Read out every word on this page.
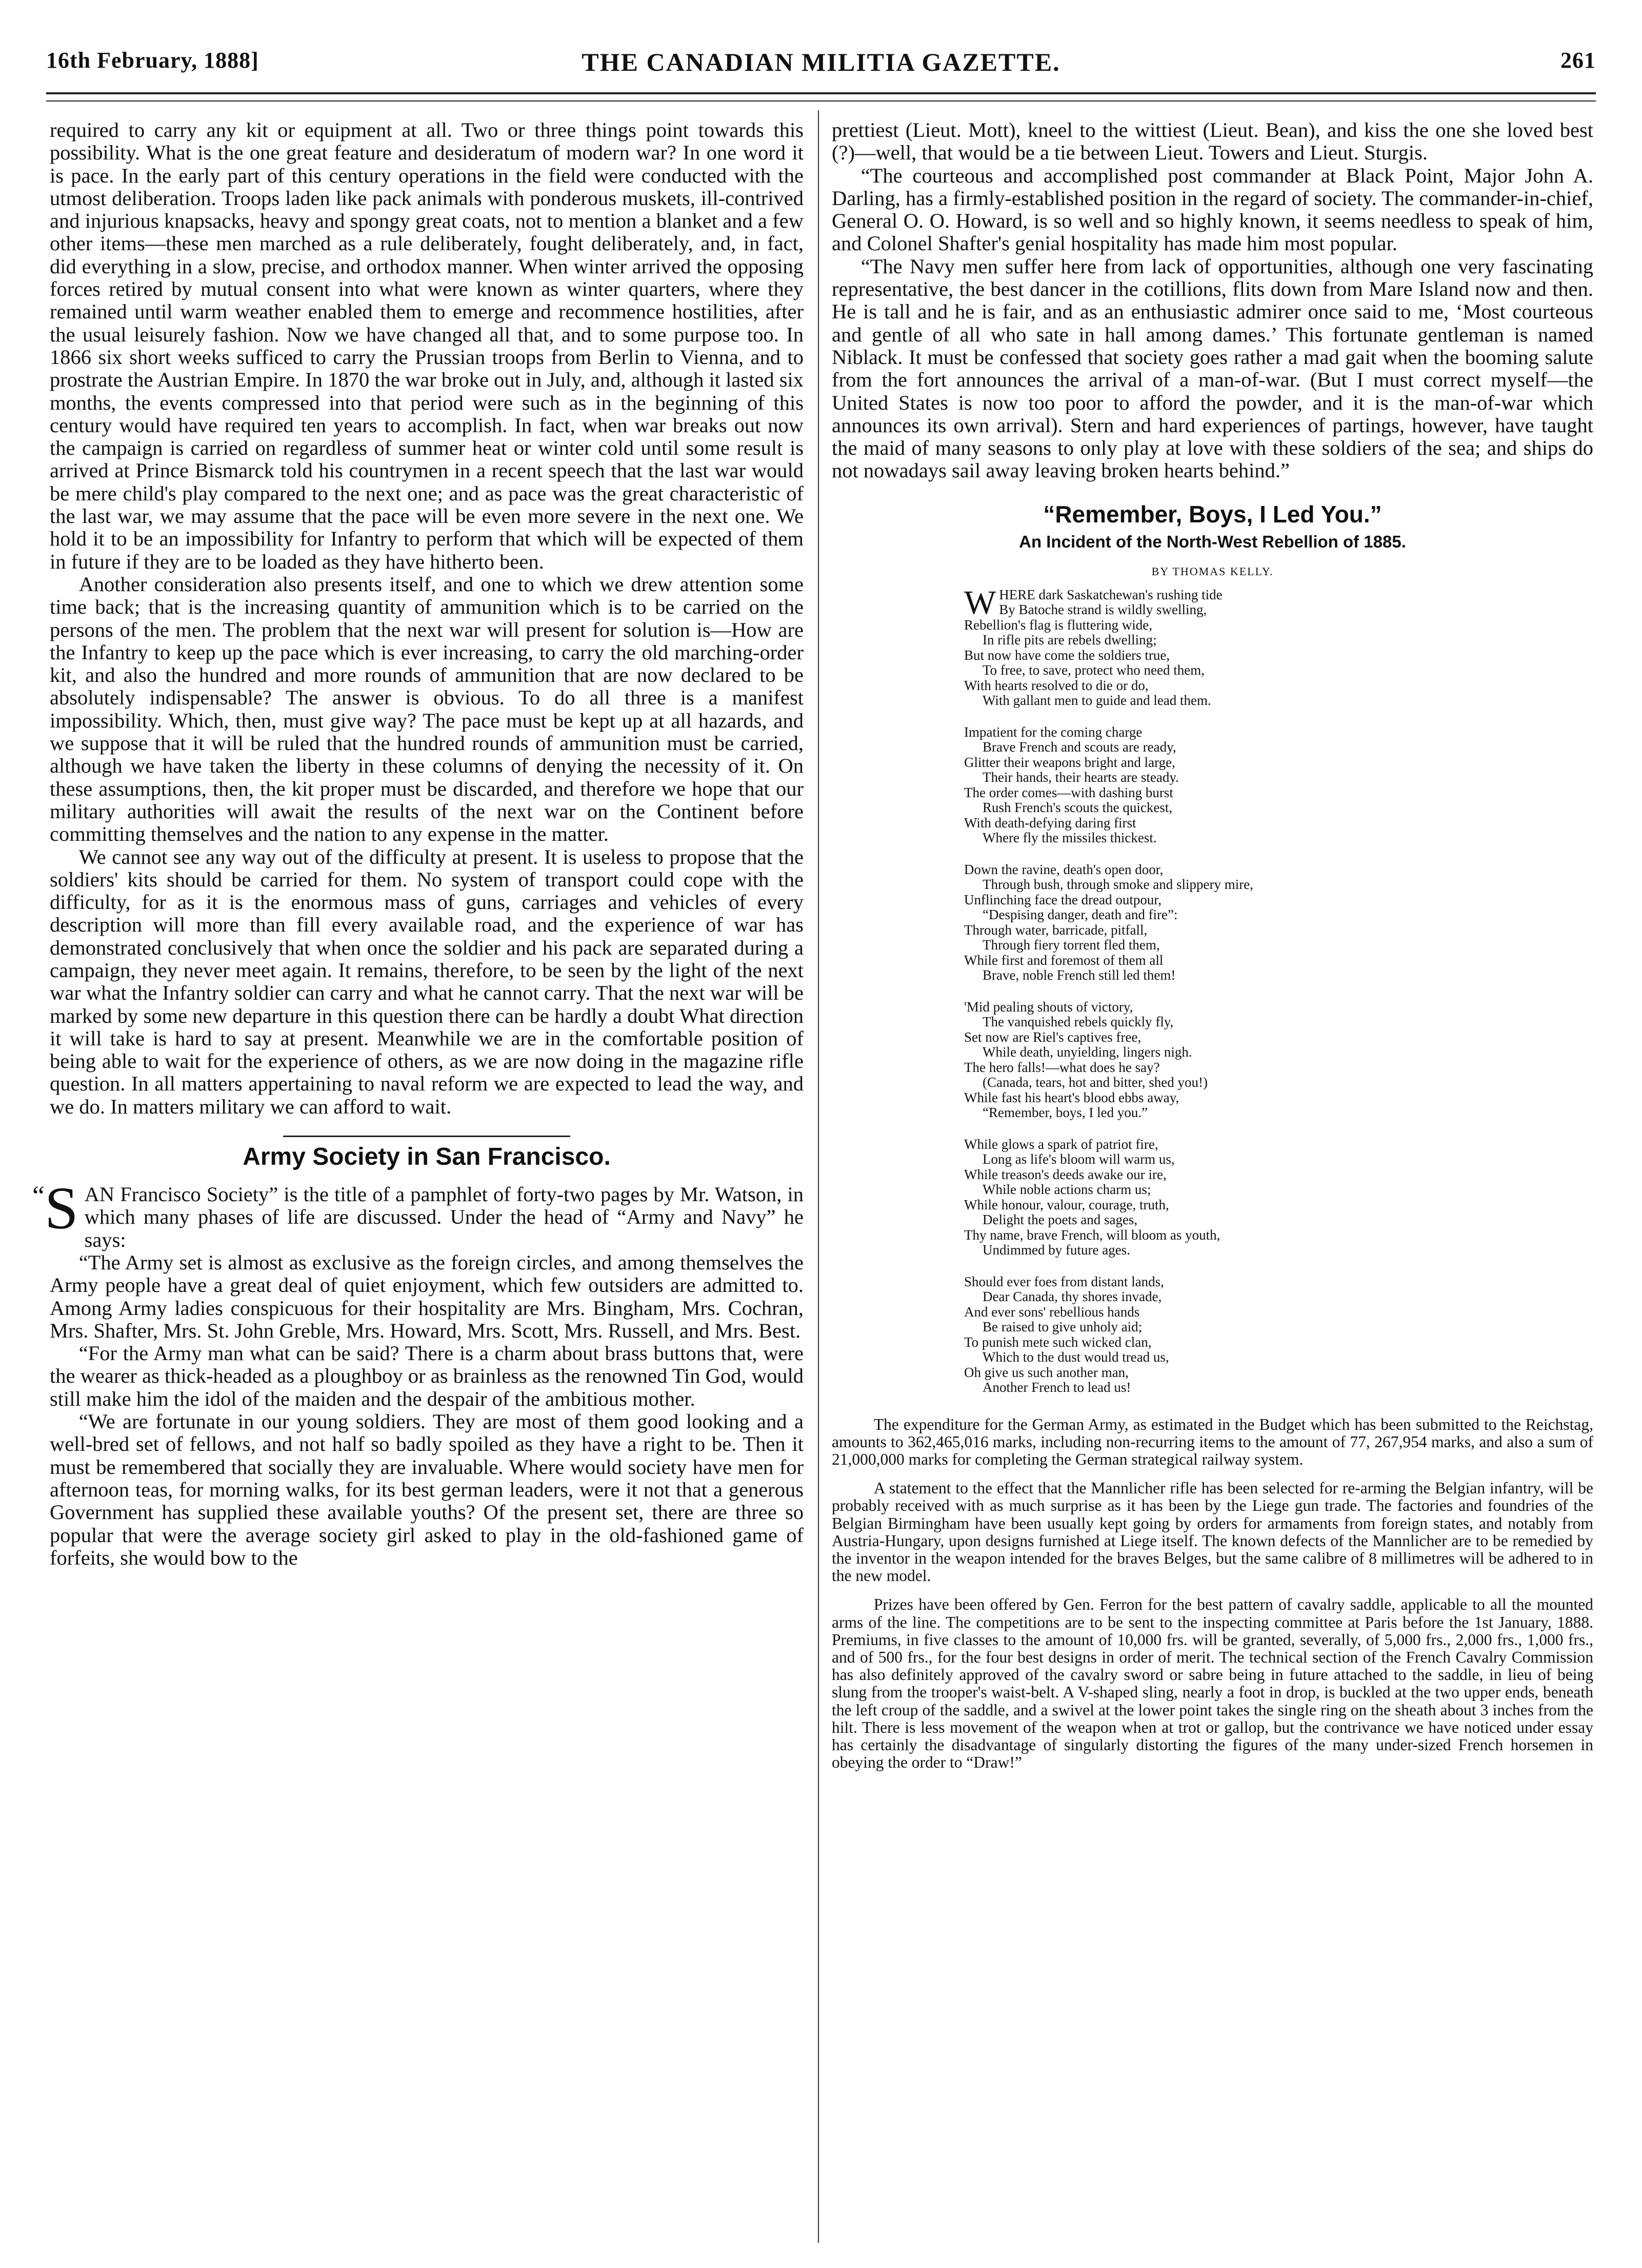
16th February, 1888]	THE CANADIAN MILITIA GAZETTE.	261

required to carry any kit or equipment at all. Two or three things point towards this possibility. What is the one great feature and desideratum of modern war? In one word it is pace. In the early part of this century operations in the field were conducted with the utmost deliberation. Troops laden like pack animals with ponderous muskets, ill-contrived and injurious knapsacks, heavy and spongy great coats, not to mention a blanket and a few other items—these men marched as a rule deliberately, fought deliberately, and, in fact, did everything in a slow, precise, and orthodox manner. When winter arrived the opposing forces retired by mutual consent into what were known as winter quarters, where they remained until warm weather enabled them to emerge and recommence hostilities, after the usual leisurely fashion. Now we have changed all that, and to some purpose too. In 1866 six short weeks sufficed to carry the Prussian troops from Berlin to Vienna, and to prostrate the Austrian Empire. In 1870 the war broke out in July, and, although it lasted six months, the events compressed into that period were such as in the beginning of this century would have required ten years to accomplish. In fact, when war breaks out now the campaign is carried on regardless of summer heat or winter cold until some result is arrived at Prince Bismarck told his countrymen in a recent speech that the last war would be mere child's play compared to the next one; and as pace was the great characteristic of the last war, we may assume that the pace will be even more severe in the next one. We hold it to be an impossibility for Infantry to perform that which will be expected of them in future if they are to be loaded as they have hitherto been.

Another consideration also presents itself, and one to which we drew attention some time back; that is the increasing quantity of ammunition which is to be carried on the persons of the men. The problem that the next war will present for solution is—How are the Infantry to keep up the pace which is ever increasing, to carry the old marching-order kit, and also the hundred and more rounds of ammunition that are now declared to be absolutely indispensable? The answer is obvious. To do all three is a manifest impossibility. Which, then, must give way? The pace must be kept up at all hazards, and we suppose that it will be ruled that the hundred rounds of ammunition must be carried, although we have taken the liberty in these columns of denying the necessity of it. On these assumptions, then, the kit proper must be discarded, and therefore we hope that our military authorities will await the results of the next war on the Continent before committing themselves and the nation to any expense in the matter.

We cannot see any way out of the difficulty at present. It is useless to propose that the soldiers' kits should be carried for them. No system of transport could cope with the difficulty, for as it is the enormous mass of guns, carriages and vehicles of every description will more than fill every available road, and the experience of war has demonstrated conclusively that when once the soldier and his pack are separated during a campaign, they never meet again. It remains, therefore, to be seen by the light of the next war what the Infantry soldier can carry and what he cannot carry. That the next war will be marked by some new departure in this question there can be hardly a doubt What direction it will take is hard to say at present. Meanwhile we are in the comfortable position of being able to wait for the experience of others, as we are now doing in the magazine rifle question. In all matters appertaining to naval reform we are expected to lead the way, and we do. In matters military we can afford to wait.

Army Society in San Francisco.

“S AN Francisco Society” is the title of a pamphlet of forty-two pages by Mr. Watson, in which many phases of life are discussed. Under the head of “Army and Navy” he says:

“The Army set is almost as exclusive as the foreign circles, and among themselves the Army people have a great deal of quiet enjoyment, which few outsiders are admitted to. Among Army ladies conspicuous for their hospitality are Mrs. Bingham, Mrs. Cochran, Mrs. Shafter, Mrs. St. John Greble, Mrs. Howard, Mrs. Scott, Mrs. Russell, and Mrs. Best.

“For the Army man what can be said? There is a charm about brass buttons that, were the wearer as thick-headed as a ploughboy or as brainless as the renowned Tin God, would still make him the idol of the maiden and the despair of the ambitious mother.

“We are fortunate in our young soldiers. They are most of them good looking and a well-bred set of fellows, and not half so badly spoiled as they have a right to be. Then it must be remembered that socially they are invaluable. Where would society have men for afternoon teas, for morning walks, for its best german leaders, were it not that a generous Government has supplied these available youths? Of the present set, there are three so popular that were the average society girl asked to play in the old-fashioned game of forfeits, she would bow to the

prettiest (Lieut. Mott), kneel to the wittiest (Lieut. Bean), and kiss the one she loved best (?)—well, that would be a tie between Lieut. Towers and Lieut. Sturgis.

“The courteous and accomplished post commander at Black Point, Major John A. Darling, has a firmly-established position in the regard of society. The commander-in-chief, General O. O. Howard, is so well and so highly known, it seems needless to speak of him, and Colonel Shafter's genial hospitality has made him most popular.

“The Navy men suffer here from lack of opportunities, although one very fascinating representative, the best dancer in the cotillions, flits down from Mare Island now and then. He is tall and he is fair, and as an enthusiastic admirer once said to me, ‘Most courteous and gentle of all who sate in hall among dames.’ This fortunate gentleman is named Niblack. It must be confessed that society goes rather a mad gait when the booming salute from the fort announces the arrival of a man-of-war. (But I must correct myself—the United States is now too poor to afford the powder, and it is the man-of-war which announces its own arrival). Stern and hard experiences of partings, however, have taught the maid of many seasons to only play at love with these soldiers of the sea; and ships do not nowadays sail away leaving broken hearts behind.”

“Remember, Boys, I Led You.”
An Incident of the North-West Rebellion of 1885.
BY THOMAS KELLY.
W HERE dark Saskatchewan's rushing tide
By Batoche strand is wildly swelling,
Rebellion's flag is fluttering wide,
In rifle pits are rebels dwelling;
But now have come the soldiers true,
To free, to save, protect who need them,
With hearts resolved to die or do,
With gallant men to guide and lead them.
Impatient for the coming charge
Brave French and scouts are ready,
Glitter their weapons bright and large,
Their hands, their hearts are steady.
The order comes—with dashing burst
Rush French's scouts the quickest,
With death-defying daring first
Where fly the missiles thickest.
Down the ravine, death's open door,
Through bush, through smoke and slippery mire,
Unflinching face the dread outpour,
“Despising danger, death and fire”:
Through water, barricade, pitfall,
Through fiery torrent fled them,
While first and foremost of them all
Brave, noble French still led them!
'Mid pealing shouts of victory,
The vanquished rebels quickly fly,
Set now are Riel's captives free,
While death, unyielding, lingers nigh.
The hero falls!—what does he say?
(Canada, tears, hot and bitter, shed you!)
While fast his heart's blood ebbs away,
“Remember, boys, I led you.”
While glows a spark of patriot fire,
Long as life's bloom will warm us,
While treason's deeds awake our ire,
While noble actions charm us;
While honour, valour, courage, truth,
Delight the poets and sages,
Thy name, brave French, will bloom as youth,
Undimmed by future ages.
Should ever foes from distant lands,
Dear Canada, thy shores invade,
And ever sons' rebellious hands
Be raised to give unholy aid;
To punish mete such wicked clan,
Which to the dust would tread us,
Oh give us such another man,
Another French to lead us!

The expenditure for the German Army, as estimated in the Budget which has been submitted to the Reichstag, amounts to 362,465,016 marks, including non-recurring items to the amount of 77, 267,954 marks, and also a sum of 21,000,000 marks for completing the German strategical railway system.

A statement to the effect that the Mannlicher rifle has been selected for re-arming the Belgian infantry, will be probably received with as much surprise as it has been by the Liege gun trade. The factories and foundries of the Belgian Birmingham have been usually kept going by orders for armaments from foreign states, and notably from Austria-Hungary, upon designs furnished at Liege itself. The known defects of the Mannlicher are to be remedied by the inventor in the weapon intended for the braves Belges, but the same calibre of 8 millimetres will be adhered to in the new model.

Prizes have been offered by Gen. Ferron for the best pattern of cavalry saddle, applicable to all the mounted arms of the line. The competitions are to be sent to the inspecting committee at Paris before the 1st January, 1888. Premiums, in five classes to the amount of 10,000 frs. will be granted, severally, of 5,000 frs., 2,000 frs., 1,000 frs., and of 500 frs., for the four best designs in order of merit. The technical section of the French Cavalry Commission has also definitely approved of the cavalry sword or sabre being in future attached to the saddle, in lieu of being slung from the trooper's waist-belt. A V-shaped sling, nearly a foot in drop, is buckled at the two upper ends, beneath the left croup of the saddle, and a swivel at the lower point takes the single ring on the sheath about 3 inches from the hilt. There is less movement of the weapon when at trot or gallop, but the contrivance we have noticed under essay has certainly the disadvantage of singularly distorting the figures of the many under-sized French horsemen in obeying the order to “Draw!”
